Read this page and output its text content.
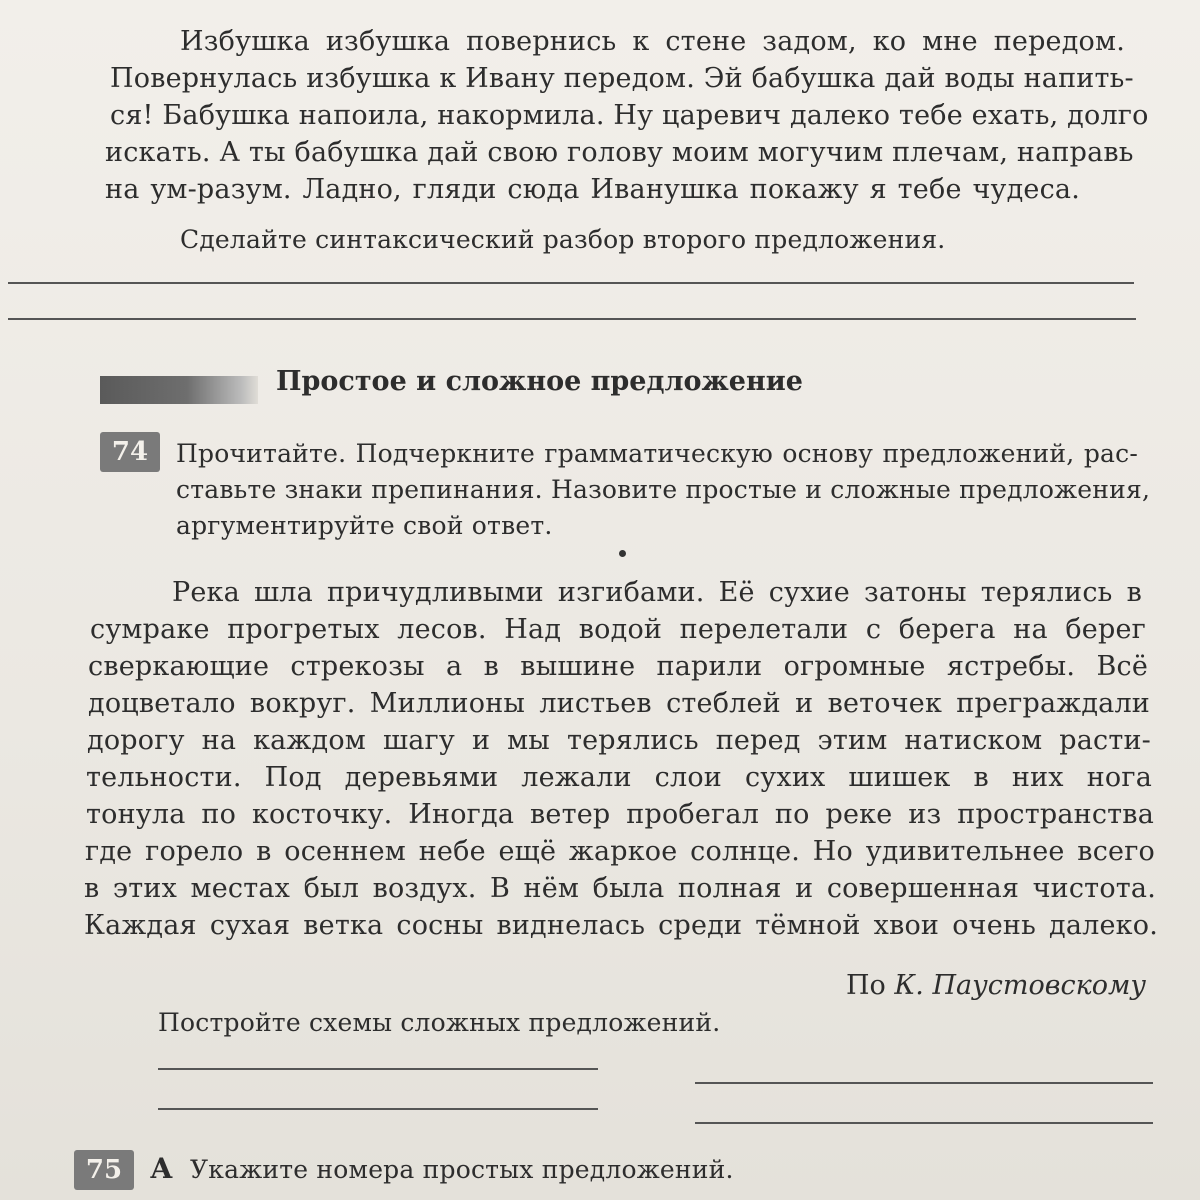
Избушка избушка повернись к стене задом, ко мне передом.
Повернулась избушка к Ивану передом. Эй бабушка дай воды напить-
ся! Бабушка напоила, накормила. Ну царевич далеко тебе ехать, долго
искать. А ты бабушка дай свою голову моим могучим плечам, направь
на ум-разум. Ладно, гляди сюда Иванушка покажу я тебе чудеса.
Сделайте синтаксический разбор второго предложения.
Простое и сложное предложение
74	Прочитайте. Подчеркните грамматическую основу предложений, рас-
ставьте знаки препинания. Назовите простые и сложные предложения,
аргументируйте свой ответ.
Река шла причудливыми изгибами. Её сухие затоны терялись в
сумраке прогретых лесов. Над водой перелетали с берега на берег
сверкающие стрекозы а в вышине парили огромные ястребы. Всё
доцветало вокруг. Миллионы листьев стеблей и веточек преграждали
дорогу на каждом шагу и мы терялись перед этим натиском расти-
тельности. Под деревьями лежали слои сухих шишек в них нога
тонула по косточку. Иногда ветер пробегал по реке из пространства
где горело в осеннем небе ещё жаркое солнце. Но удивительнее всего
в этих местах был воздух. В нём была полная и совершенная чистота.
Каждая сухая ветка сосны виднелась среди тёмной хвои очень далеко.
По К. Паустовскому
Постройте схемы сложных предложений.
75 А Укажите номера простых предложений.
